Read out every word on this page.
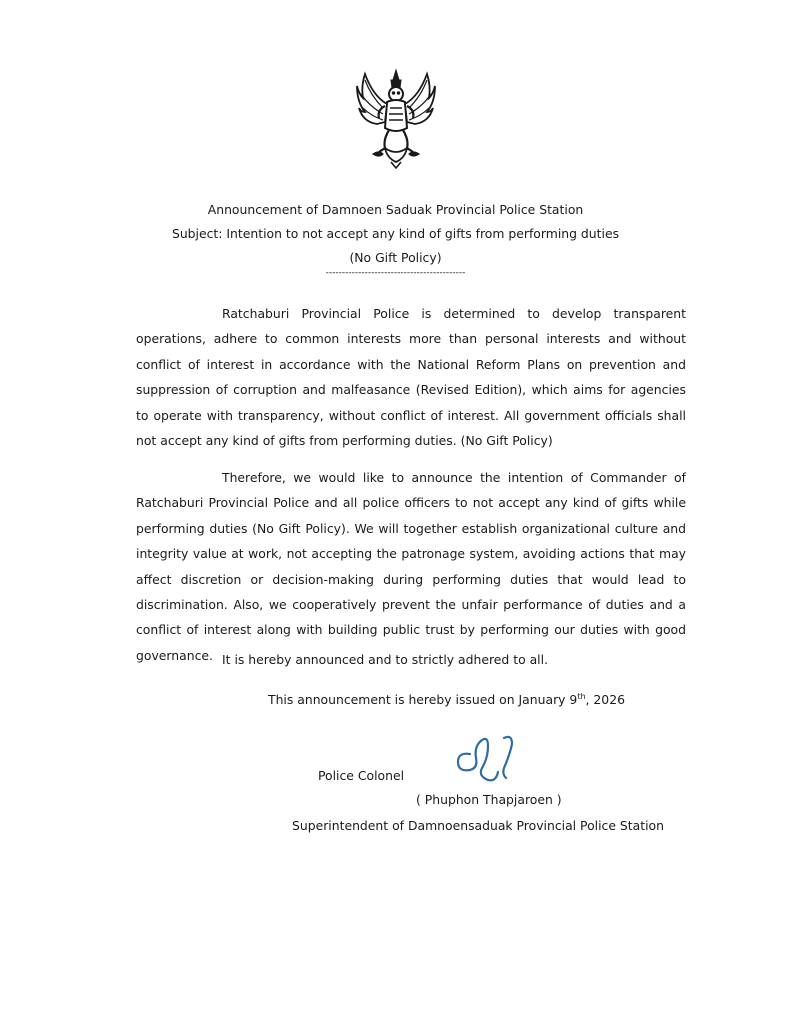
Announcement of Damnoen Saduak Provincial Police Station
Subject: Intention to not accept any kind of gifts from performing duties
(No Gift Policy)
-------------------------------------------

Ratchaburi Provincial Police is determined to develop transparent operations, adhere to common interests more than personal interests and without conflict of interest in accordance with the National Reform Plans on prevention and suppression of corruption and malfeasance (Revised Edition), which aims for agencies to operate with transparency, without conflict of interest. All government officials shall not accept any kind of gifts from performing duties. (No Gift Policy)

Therefore, we would like to announce the intention of Commander of Ratchaburi Provincial Police and all police officers to not accept any kind of gifts while performing duties (No Gift Policy). We will together establish organizational culture and integrity value at work, not accepting the patronage system, avoiding actions that may affect discretion or decision-making during performing duties that would lead to discrimination. Also, we cooperatively prevent the unfair performance of duties and a conflict of interest along with building public trust by performing our duties with good governance. It is hereby announced and to strictly adhered to all.
This announcement is hereby issued on January 9th, 2026
Police Colonel
( Phuphon Thapjaroen )
Superintendent of Damnoensaduak Provincial Police Station
